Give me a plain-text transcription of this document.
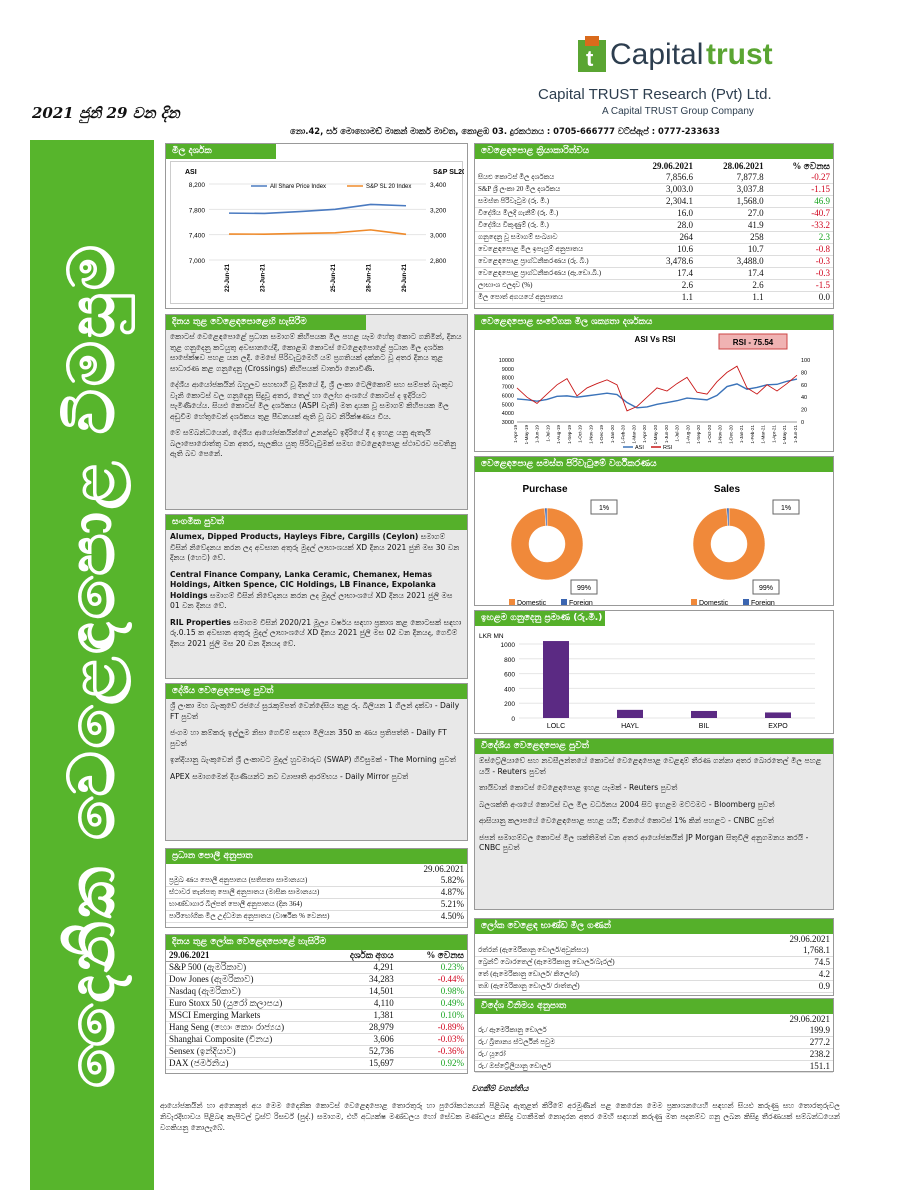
2021 ජුනි 29 වන දින
t Capital trust
Capital TRUST Research (Pvt) Ltd.
A Capital TRUST Group Company
නො.42, සර් මොහොමඩ් මාකන් මාකර් මාවත, කොළඹ 03. දුරකථනය : 0705-666777 වට්ස්ඇප් : 0777-233633
දෛනික වෙළෙඳපොළ විමසුම
මිල දර්ශක
ASI	S&P SL20
7,000
7,400
7,800
8,200
2,800
3,000
3,200
3,400
22-Jun-21	23-Jun-21	25-Jun-21	28-Jun-21	29-Jun-21
All Share Price Index	S&P SL 20 Index
වෙළෙඳපොළ ක්‍රියාකාරිත්වය
	29.06.2021	28.06.2021	% වෙනස
සියළු කොටස් මිල දර්ශකය	7,856.6	7,877.8	-0.27
S&P ශ්‍රී ලංකා 20 මිල දර්ශකය	3,003.0	3,037.8	-1.15
සමස්ත පිරිවැටුම (රු. මි.)	2,304.1	1,568.0	46.9
විදේශීය මිලදී ගැනීම් (රු. මි.)	16.0	27.0	-40.7
විදේශීය විකුණුම් (රු. මි.)	28.0	41.9	-33.2
ගනුදෙනු වූ සමාගම් සංඛ්‍යාව	264	258	2.3
වෙළෙඳපොළ මිල ඉපැයුම් අනුපාතය	10.6	10.7	-0.8
වෙළෙඳපොළ ප්‍රාග්ධනීකරණය (රු. බි.)	3,478.6	3,488.0	-0.3
වෙළෙඳපොළ ප්‍රාග්ධනීකරණය (ඇ.ඩො.බි.)	17.4	17.4	-0.3
ලාභාංශ ඵලදාව (%)	2.6	2.6	-1.5
මිල පොත් අගයයේ අනුපාතය	1.1	1.1	0.0
දිනය තුළ වෙළෙඳපොළෙහි හැසිරීම

කොටස් වෙළෙඳපොළේ ප්‍රධාන සමාගම් කිහිපයක මිල පහළ යෑම හේතු කොට ගනිමින්, දිනය තුළ ගනුදෙනු කටයුතු අවසානයේදී, කොළඹ කොටස් වෙළෙඳපොළේ ප්‍රධාන මිල දර්ශක සාපේක්ෂව පහළ යන ලදී. මෙසේ පිරිවැටුමෙහි යම් ප්‍රගතියක් දක්නට වූ අතර දිනය තුළ සාධාරණ කළ ගනුදෙනු (Crossings) කිහිපයක් වාර්තා නොවිණි.

දේශීය ආයෝජකයින් බහුලව සහභාගී වූ දිනයේ දී, ශ්‍රී ලංකා ටෙලිකොම් සහ සම්පත් බැංකුව වැනි කොටස් වල ගනුදෙනු සිදුවූ අතර, තෙල් හා ලෝහ අංශයේ කොටස් ද ඉදිරියට පැමිණියේය. සියළු කොටස් මිල දර්ශකය (ASPI වැනි) මත දායක වූ සමාගම් කිහිපයක මිල අඩුවීම හේතුවෙන් දර්ශකය තුළ පීඩනයක් ඇති වූ බව නිරීක්ෂණය විය.

මේ සම්බන්ධයෙන්, දේශීය ආයෝජකයින්ගේ උනන්දුව ඉදිරියේ දී ද ඉහළ යනු ඇතැයි බලාපොරොත්තු වන අතර, සැලකිය යුතු පිරිවැටුමක් සමඟ වෙළෙඳපොළ ස්ථාවරව පවතිනු ඇති බව පෙනේ.

වෙළෙඳපොළ සංවේගක මිල ශක්‍යතා දර්ශකය
ASI Vs RSI	RSI - 75.54
3000
4000
5000
6000
7000
8000
9000
10000
0
20
40
60
80
100
1-Apr-19 1-May-19 1-Jun-19 1-Jul-19 1-Aug-19 1-Sep-19 1-Oct-19 1-Nov-19 1-Dec-19 1-Jan-20 1-Feb-20 1-Mar-20 1-Apr-20 1-May-20 1-Jun-20 1-Jul-20 1-Aug-20 1-Sep-20 1-Oct-20 1-Nov-20 1-Dec-20 1-Jan-21 1-Feb-21 1-Mar-21 1-Apr-21 1-May-21 1-Jun-21
ASI	RSI
වෙළෙඳපොළ සමස්ත පිරිවැටුමේ වර්ගීකරණය
Purchase
1%
99%
Domestic	Foreign
Sales
1%
99%
Domestic	Foreign
ඉහළම ගනුදෙනු ප්‍රමාණ (රු.මි.)
LKR MN
0
200
400
600
800
1000
LOLC	HAYL	BIL	EXPO
සංගමික පුවත්

Alumex, Dipped Products, Hayleys Fibre, Cargills (Ceylon) සමාගම් විසින් නිවේදනය කරන ලද අවසාන අතුරු මුදල් ලාභාංශයක් XD දිනය 2021 ජුනි මස 30 වන දිනය (හෙට) වේ.

Central Finance Company, Lanka Ceramic, Chemanex, Hemas Holdings, Aitken Spence, CIC Holdings, LB Finance, Expolanka Holdings සමාගම් විසින් නිවේදනය කරන ලද මුදල් ලාභාංශයේ XD දිනය 2021 ජුලි මස 01 වන දිනය වේ.

RIL Properties සමාගම විසින් 2020/21 මූල්‍ය වර්ෂය සඳහා ප්‍රකාශ කළ කොටසක් සඳහා රු.0.15 ක අවසාන අතුරු මුදල් ලාභාංශයේ XD දිනය 2021 ජුලි මස 02 වන දිනයද, ගෙවීම් දිනය 2021 ජුලි මස 20 වන දිනයද වේ.

දේශීය වෙළෙඳපොළ පුවත්

ශ්‍රී ලංකා මහ බැංකුවේ රජයේ සුරැකුම්පත් වෙන්දේසිය තුළ රු. බිලියන 1 ගිලන් දක්වා - Daily FT පුවත්

ජංගම හා කම්කරු ඉල්ලුම නිසා ගෙවීම් සඳහා මිලියන 350 ක ණය ප්‍රතිපත්ති - Daily FT පුවත්

ඉන්දියානු බැංකුවෙන් ශ්‍රී ලංකාවට මුදල් හුවමාරුව (SWAP) ගිවිසුමක් - The Morning පුවත්

APEX සමාගමෙන් දියණියන්ට නව ව්‍යාපෘති ආරම්භය - Daily Mirror පුවත්

විදේශීය වෙළෙඳපොළ පුවත්

ඕස්ට්‍රේලියාවේ සහ නවසීලන්තයේ කොටස් වෙළෙඳපොළ වෙළඳාම් තීරණ ගන්නා අතර බොරතෙල් මිල පහළ යයි - Reuters පුවත්

තායිවාන් කොටස් වෙළෙඳපොළ ඉහළ යෑමක් - Reuters පුවත්

බලශක්ති අංශයේ කොටස් වල මිල වර්ධනය 2004 සිට ඉහළම මට්ටමට - Bloomberg පුවත්

ආසියානු කලාපයේ වෙළෙඳපොළ පහළ යයි; චීනයේ කොටස් 1% කින් පහළට - CNBC පුවත්

ජපන් සමාගම්වල කොටස් මිල ශක්තිමත් වන අතර ආයෝජකයින් JP Morgan සිතුවිලි අනුගමනය කරයි - CNBC පුවත්

ප්‍රධාන පොලී අනුපාත
	29.06.2021
ප්‍රමුඛ ණය පොලී අනුපාතය (සතිපතා සාමාන්‍යය)	5.82%
ස්ථාවර තැන්පතු පොලී අනුපාතය (මාසික සාමාන්‍යය)	4.87%
භාණ්ඩාගාර බිල්පත් පොලී අනුපාතය (දින 364)	5.21%
පාරිභෝගික මිල උද්ධමන අනුපාතය (වාර්ෂික % වෙනස)	4.50%
දිනය තුළ ලෝක වෙළෙඳපොළේ හැසිරීම
29.06.2021	දර්ශක අගය	% වෙනස
S&P 500 (ඇමරිකාව)	4,291	0.23%
Dow Jones (ඇමරිකාව)	34,283	-0.44%
Nasdaq (ඇමරිකාව)	14,501	0.98%
Euro Stoxx 50 (යුරෝ කලාපය)	4,110	0.49%
MSCI Emerging Markets	1,381	0.10%
Hang Seng (හොං කොං රාජ්‍යය)	28,979	-0.89%
Shanghai Composite (චීනය)	3,606	-0.03%
Sensex (ඉන්දියාව)	52,736	-0.36%
DAX (ජර්මනිය)	15,697	0.92%
ලෝක වෙළෙඳ භාණ්ඩ මිල ගණන්
	29.06.2021
රත්රන් (ඇමෙරිකානු ඩොලර්/අවුන්සය)	1,768.1
බ්‍රෙන්ට් බොරතෙල් (ඇමෙරිකානු ඩොලර්/බැරල්)	74.5
තේ (ඇමෙරිකානු ඩොලර්/ කිලෝග්)	4.2
තඹ (ඇමෙරිකානු ඩොලර්/ රාත්තල්)	0.9
විදේශ විනිමය අනුපාත
	29.06.2021
රු./ ඇමෙරිකානු ඩොලර්	199.9
රු./ බ්‍රිතාන්‍ය ස්ටර්ලින් පවුම	277.2
රු./ යූරෝ	238.2
රු./ ඔස්ට්‍රේලියානු ඩොලර්	151.1
වගකීම් වගන්තිය
ආයෝජකයින් හා අනෙකුත් අය මෙම දෛනික කොටස් වෙළෙඳපොළ තොරතුරු හා පුරෝකථනයන් පිළිබඳ ඇතුළත් කිරීමේ අරමුණින් පළ කෙරෙන මෙම ප්‍රකාශනයෙහි සඳහන් සියළු කරුණු සහ තොරතුරුවල නිවැරදිභාවය පිළිබඳ කැපිටල් ට්‍රස්ට් රිසර්ච් (පුද්.) සමාගම, එහි අධ්‍යක්ෂ මණ්ඩලය හෝ සේවක මණ්ඩලය කිසිදු වගකීමක් නොදරන අතර මෙහි සඳහන් කරුණු මත පදනම්ව ගනු ලබන කිසිදු තීරණයක් සම්බන්ධයෙන් වගකියනු නොලැබේ.
